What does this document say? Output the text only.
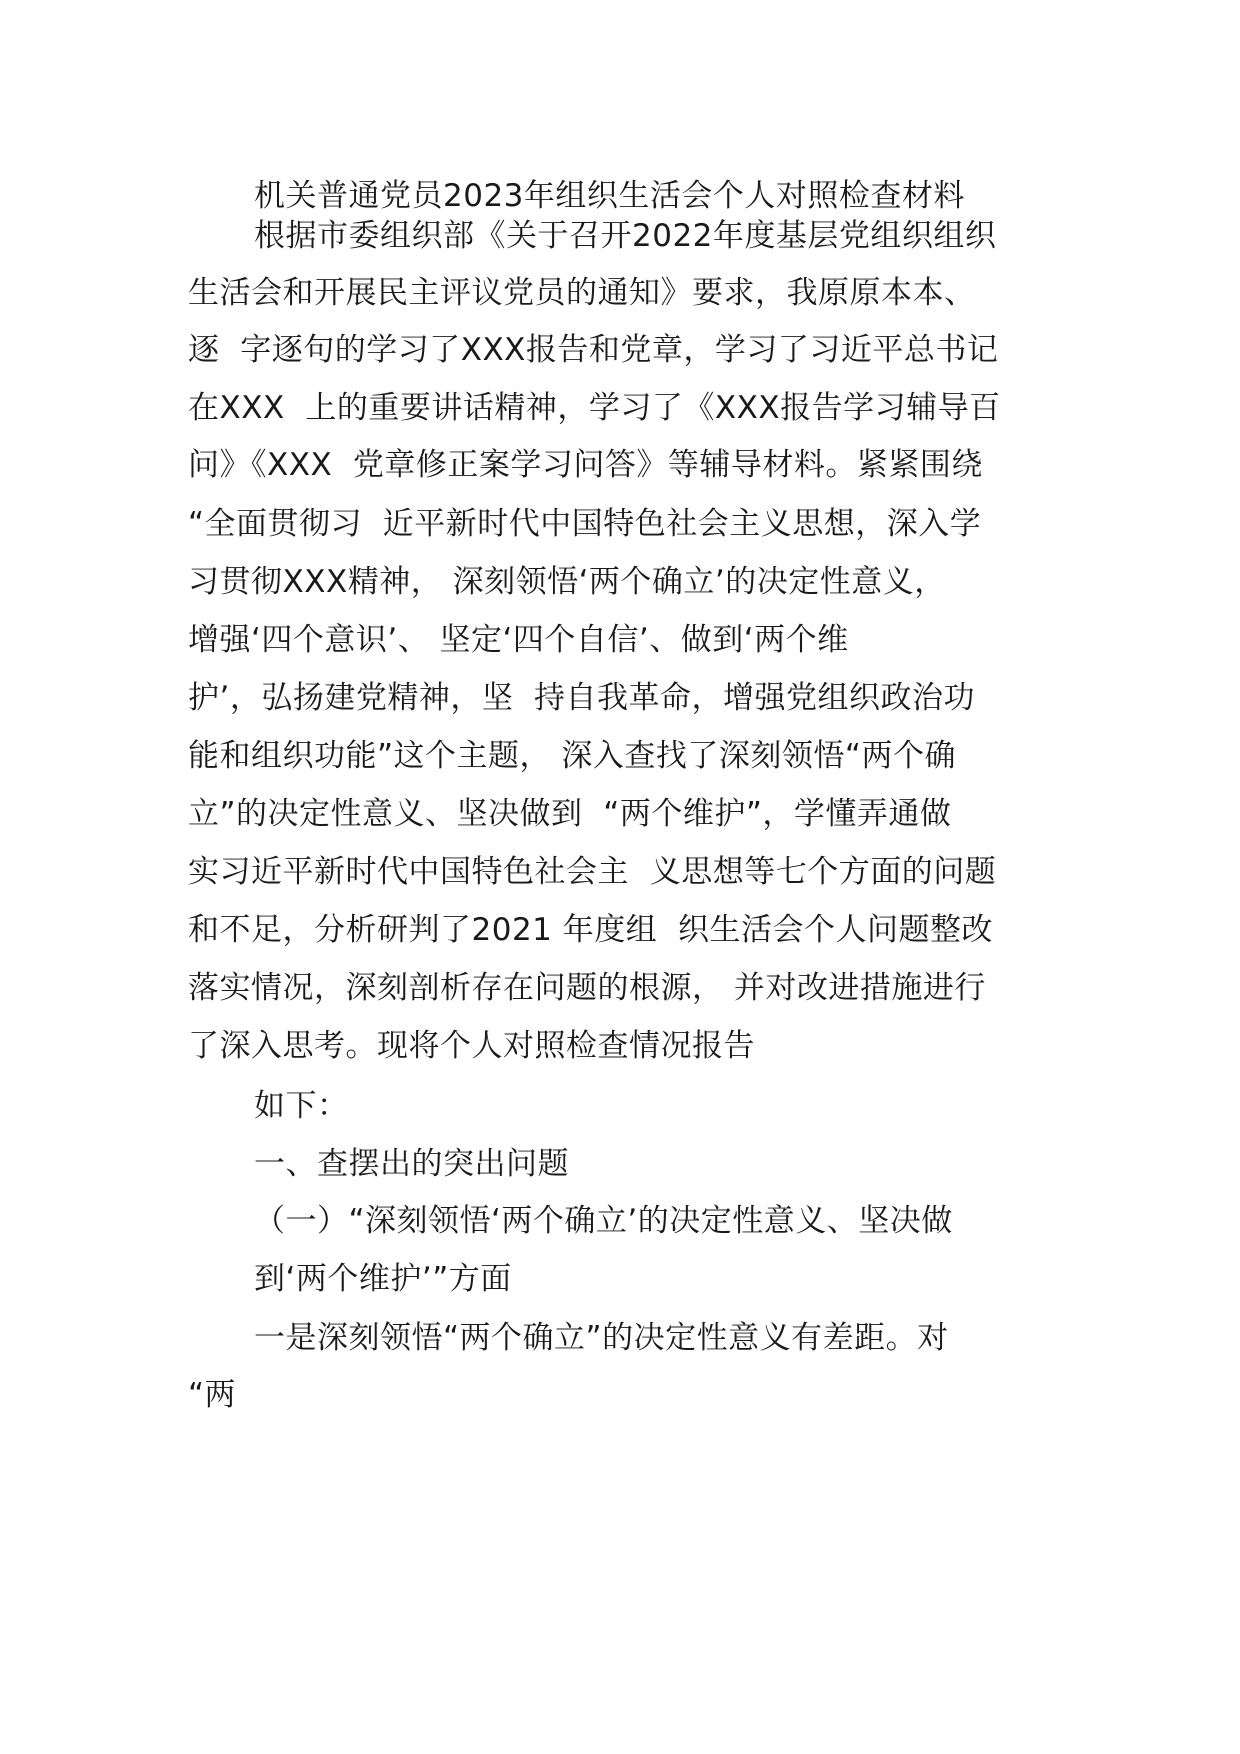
机关普通党员2023年组织生活会个人对照检查材料
根据市委组织部《关于召开2022年度基层党组织组织
生活会和开展民主评议党员的通知》要求，我原原本本、
逐  字逐句的学习了XXX报告和党章，学习了习近平总书记
在XXX  上的重要讲话精神，学习了《XXX报告学习辅导百
问》《XXX  党章修正案学习问答》等辅导材料。紧紧围绕
“全面贯彻习  近平新时代中国特色社会主义思想，深入学
习贯彻XXX精神， 深刻领悟‘两个确立’的决定性意义，
增强‘四个意识’、 坚定‘四个自信’、做到‘两个维
护’，弘扬建党精神，坚  持自我革命，增强党组织政治功
能和组织功能”这个主题， 深入查找了深刻领悟“两个确
立”的决定性意义、坚决做到  “两个维护”，学懂弄通做
实习近平新时代中国特色社会主  义思想等七个方面的问题
和不足，分析研判了2021 年度组  织生活会个人问题整改
落实情况，深刻剖析存在问题的根源， 并对改进措施进行
了深入思考。现将个人对照检查情况报告
如下：
一、查摆出的突出问题
（一）“深刻领悟‘两个确立’的决定性意义、坚决做
到‘两个维护’”方面
一是深刻领悟“两个确立”的决定性意义有差距。对
“两
